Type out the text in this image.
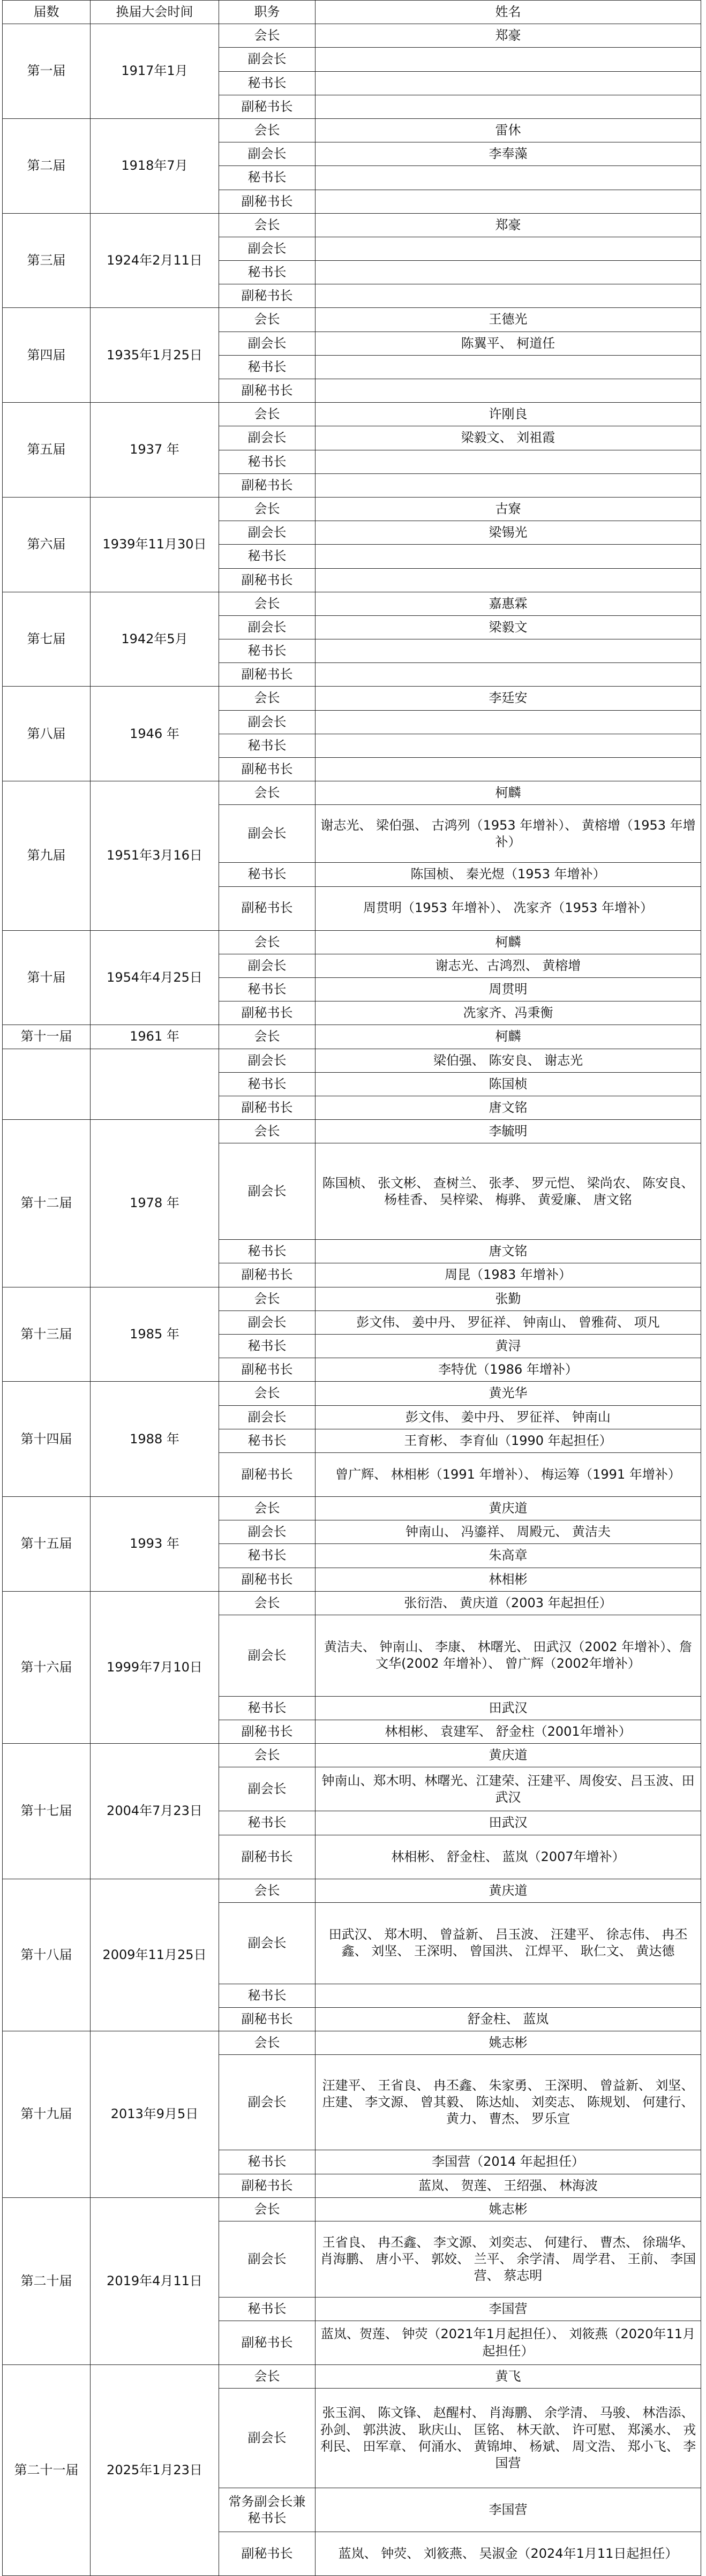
届数	换届大会时间	职务	姓名
第一届	1917年1月	会长	郑豪
		副会长	
		秘书长	
		副秘书长	
第二届	1918年7月	会长	雷休
		副会长	李奉藻
		秘书长	
		副秘书长	
第三届	1924年2月11日	会长	郑豪
		副会长	
		秘书长	
		副秘书长	
第四届	1935年1月25日	会长	王德光
		副会长	陈翼平、 柯道任
		秘书长	
		副秘书长	
第五届	1937 年	会长	许刚良
		副会长	梁毅文、 刘祖霞
		秘书长	
		副秘书长	
第六届	1939年11月30日	会长	古寮
		副会长	梁锡光
		秘书长	
		副秘书长	
第七届	1942年5月	会长	嘉惠霖
		副会长	梁毅文
		秘书长	
		副秘书长	
第八届	1946 年	会长	李廷安
		副会长	
		秘书长	
		副秘书长	
第九届	1951年3月16日	会长	柯麟
		副会长	谢志光、 梁伯强、 古鸿列（1953 年增补）、 黄榕增（1953 年增补）
		秘书长	陈国桢、 秦光煜（1953 年增补）
		副秘书长	周贯明（1953 年增补）、 冼家齐（1953 年增补）
第十届	1954年4月25日	会长	柯麟
		副会长	谢志光、古鸿烈、 黄榕增
		秘书长	周贯明
		副秘书长	冼家齐、冯秉衡
第十一届	1961 年	会长	柯麟
		副会长	梁伯强、 陈安良、 谢志光
		秘书长	陈国桢
		副秘书长	唐文铭
第十二届	1978 年	会长	李毓明
		副会长	陈国桢、 张文彬、 查树兰、 张孝、 罗元恺、 梁尚农、 陈安良、 杨桂香、 吴梓梁、 梅骅、 黄爱廉、 唐文铭
		秘书长	唐文铭
		副秘书长	周昆（1983 年增补）
第十三届	1985 年	会长	张勤
		副会长	彭文伟、 姜中丹、 罗征祥、 钟南山、 曾雅荷、 项凡
		秘书长	黄浔
		副秘书长	李特优（1986 年增补）
第十四届	1988 年	会长	黄光华
		副会长	彭文伟、 姜中丹、 罗征祥、 钟南山
		秘书长	王育彬、 李育仙（1990 年起担任）
		副秘书长	曾广辉、 林相彬（1991 年增补）、 梅运筹（1991 年增补）
第十五届	1993 年	会长	黄庆道
		副会长	钟南山、 冯鎏祥、 周殿元、 黄洁夫
		秘书长	朱高章
		副秘书长	林相彬
第十六届	1999年7月10日	会长	张衍浩、 黄庆道（2003 年起担任）
		副会长	黄洁夫、 钟南山、 李康、 林曙光、 田武汉（2002 年增补）、詹文华(2002 年增补）、 曾广辉（2002年增补）
		秘书长	田武汉
		副秘书长	林相彬、 袁建军、 舒金柱（2001年增补）
第十七届	2004年7月23日	会长	黄庆道
		副会长	钟南山、郑木明、林曙光、江建荣、汪建平、周俊安、吕玉波、田武汉
		秘书长	田武汉
		副秘书长	林相彬、 舒金柱、 蓝岚（2007年增补）
第十八届	2009年11月25日	会长	黄庆道
		副会长	田武汉、 郑木明、 曾益新、 吕玉波、 汪建平、 徐志伟、 冉丕鑫、 刘坚、 王深明、 曾国洪、 江焊平、 耿仁文、 黄达德
		秘书长	
		副秘书长	舒金柱、 蓝岚
第十九届	2013年9月5日	会长	姚志彬
		副会长	汪建平、 王省良、 冉丕鑫、 朱家勇、 王深明、 曾益新、 刘坚、 庄建、 李文源、 曾其毅、 陈达灿、 刘奕志、 陈规划、 何建行、 黄力、 曹杰、 罗乐宣
		秘书长	李国营（2014 年起担任）
		副秘书长	蓝岚、 贺莲、 王绍强、 林海波
第二十届	2019年4月11日	会长	姚志彬
		副会长	王省良、 冉丕鑫、 李文源、 刘奕志、 何建行、 曹杰、 徐瑞华、 肖海鹏、 唐小平、 郭姣、 兰平、 余学清、 周学君、 王前、 李国营、 蔡志明
		秘书长	李国营
		副秘书长	蓝岚、贺莲、 钟荧（2021年1月起担任）、 刘筱燕（2020年11月起担任）
第二十一届	2025年1月23日	会长	黄飞
		副会长	张玉润、 陈文锋、 赵醒村、 肖海鹏、 余学清、 马骏、 林浩添、 孙剑、 郭洪波、 耿庆山、 匡铭、 林天歆、 许可慰、 郑溪水、 戎利民、 田军章、 何涌水、 黄锦坤、 杨斌、 周文浩、 郑小飞、 李国营
		常务副会长兼秘书长	李国营
		副秘书长	蓝岚、 钟荧、 刘筱燕、 吴淑金（2024年1月11日起担任）
